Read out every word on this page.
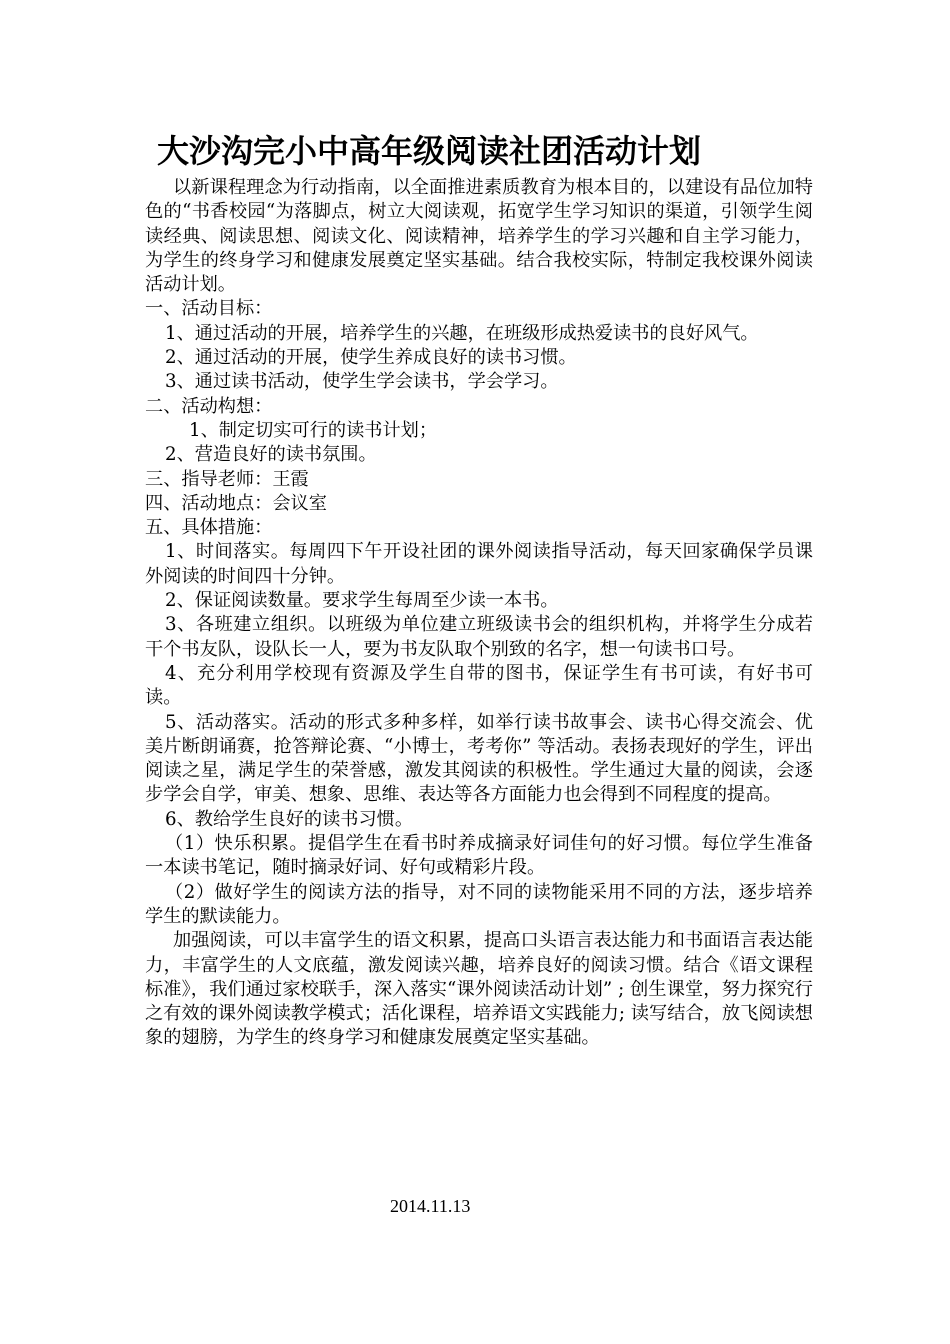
大沙沟完小中高年级阅读社团活动计划

以新课程理念为行动指南，以全面推进素质教育为根本目的，以建设有品位加特色的“书香校园“为落脚点，树立大阅读观，拓宽学生学习知识的渠道，引领学生阅读经典、阅读思想、阅读文化、阅读精神，培养学生的学习兴趣和自主学习能力，为学生的终身学习和健康发展奠定坚实基础。结合我校实际，特制定我校课外阅读活动计划。

一、活动目标：

1、通过活动的开展，培养学生的兴趣，在班级形成热爱读书的良好风气。

2、通过活动的开展，使学生养成良好的读书习惯。

3、通过读书活动，使学生学会读书，学会学习。

二、活动构想：

1、制定切实可行的读书计划；

2、营造良好的读书氛围。

三、指导老师：王霞

四、活动地点：会议室

五、具体措施：

1、时间落实。每周四下午开设社团的课外阅读指导活动，每天回家确保学员课外阅读的时间四十分钟。

2、保证阅读数量。要求学生每周至少读一本书。

3、各班建立组织。以班级为单位建立班级读书会的组织机构，并将学生分成若干个书友队，设队长一人，要为书友队取个别致的名字，想一句读书口号。

4、充分利用学校现有资源及学生自带的图书，保证学生有书可读，有好书可读。

5、活动落实。活动的形式多种多样，如举行读书故事会、读书心得交流会、优美片断朗诵赛，抢答辩论赛、“小博士，考考你” 等活动。表扬表现好的学生，评出阅读之星，满足学生的荣誉感，激发其阅读的积极性。学生通过大量的阅读，会逐步学会自学，审美、想象、思维、表达等各方面能力也会得到不同程度的提高。

6、教给学生良好的读书习惯。

（1）快乐积累。提倡学生在看书时养成摘录好词佳句的好习惯。每位学生准备一本读书笔记，随时摘录好词、好句或精彩片段。

（2）做好学生的阅读方法的指导，对不同的读物能采用不同的方法，逐步培养学生的默读能力。

加强阅读，可以丰富学生的语文积累，提高口头语言表达能力和书面语言表达能力，丰富学生的人文底蕴，激发阅读兴趣，培养良好的阅读习惯。结合《语文课程标准》，我们通过家校联手，深入落实“课外阅读活动计划” ; 创生课堂，努力探究行之有效的课外阅读教学模式；活化课程，培养语文实践能力; 读写结合，放飞阅读想象的翅膀，为学生的终身学习和健康发展奠定坚实基础。

2014.11.13
